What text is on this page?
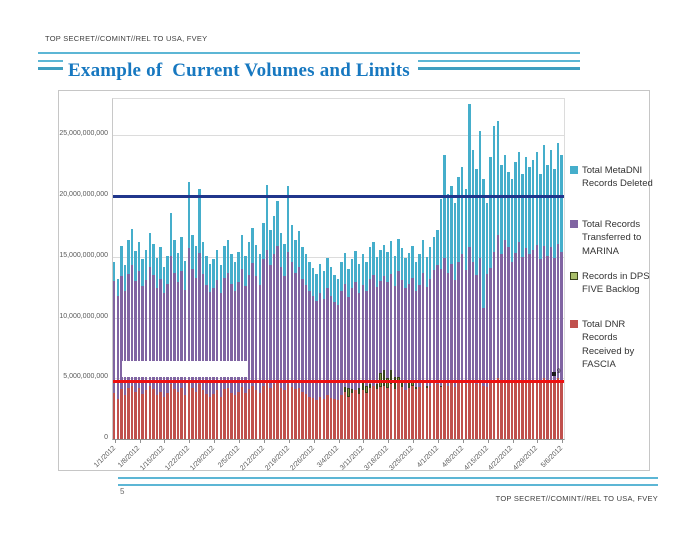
TOP SECRET//COMINT//REL TO USA, FVEY
Example of  Current Volumes and Limits
0
5,000,000,000
10,000,000,000
15,000,000,000
20,000,000,000
25,000,000,000
9
Total MetaDNI Records Deleted
Total Records Transferred to MARINA
Records in DPS FIVE Backlog
Total DNR Records Received by FASCIA
5
TOP SECRET//COMINT//REL TO USA, FVEY
1/1/2012 1/8/2012
1/15/2012
1/22/2012
1/29/2012 2/5/2012
2/12/2012
2/19/2012
2/26/2012 3/4/2012
3/11/2012
3/18/2012
3/25/2012 4/1/2012 4/8/2012
4/15/2012
4/22/2012
4/29/2012 5/6/2012
